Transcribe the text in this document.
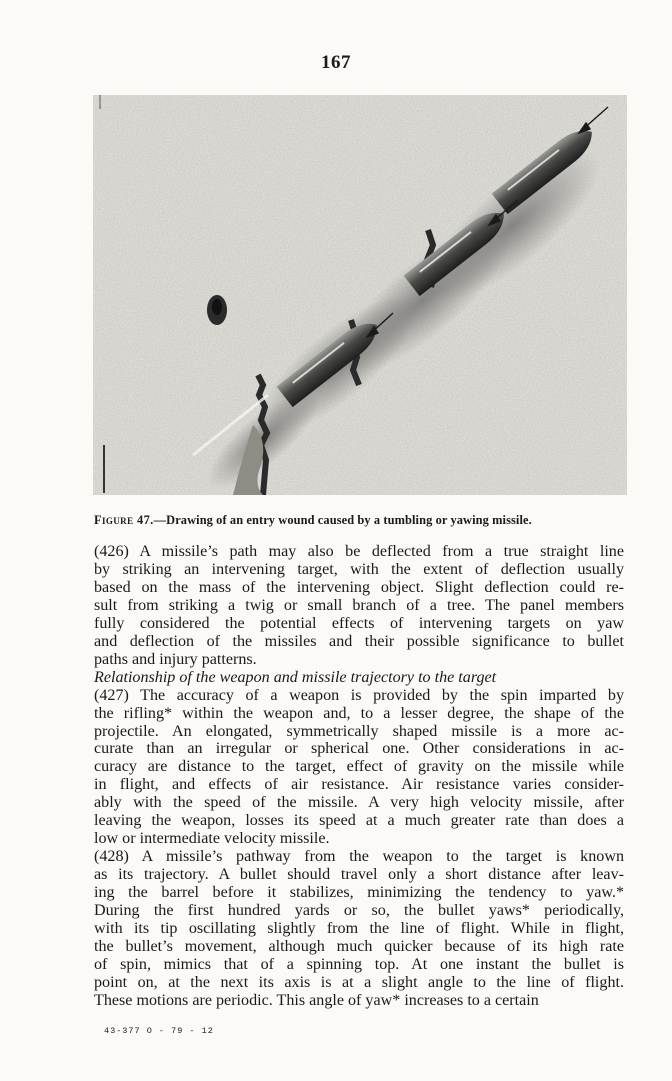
167
Figure 47.—Drawing of an entry wound caused by a tumbling or yawing missile.
(426) A missile’s path may also be deflected from a true straight line
by striking an intervening target, with the extent of deflection usually
based on the mass of the intervening object. Slight deflection could re-
sult from striking a twig or small branch of a tree. The panel members
fully considered the potential effects of intervening targets on yaw
and deflection of the missiles and their possible significance to bullet
paths and injury patterns.
Relationship of the weapon and missile trajectory to the target
(427) The accuracy of a weapon is provided by the spin imparted by
the rifling* within the weapon and, to a lesser degree, the shape of the
projectile. An elongated, symmetrically shaped missile is a more ac-
curate than an irregular or spherical one. Other considerations in ac-
curacy are distance to the target, effect of gravity on the missile while
in flight, and effects of air resistance. Air resistance varies consider-
ably with the speed of the missile. A very high velocity missile, after
leaving the weapon, losses its speed at a much greater rate than does a
low or intermediate velocity missile.
(428) A missile’s pathway from the weapon to the target is known
as its trajectory. A bullet should travel only a short distance after leav-
ing the barrel before it stabilizes, minimizing the tendency to yaw.*
During the first hundred yards or so, the bullet yaws* periodically,
with its tip oscillating slightly from the line of flight. While in flight,
the bullet’s movement, although much quicker because of its high rate
of spin, mimics that of a spinning top. At one instant the bullet is
point on, at the next its axis is at a slight angle to the line of flight.
These motions are periodic. This angle of yaw* increases to a certain
43-377 O - 79 - 12
